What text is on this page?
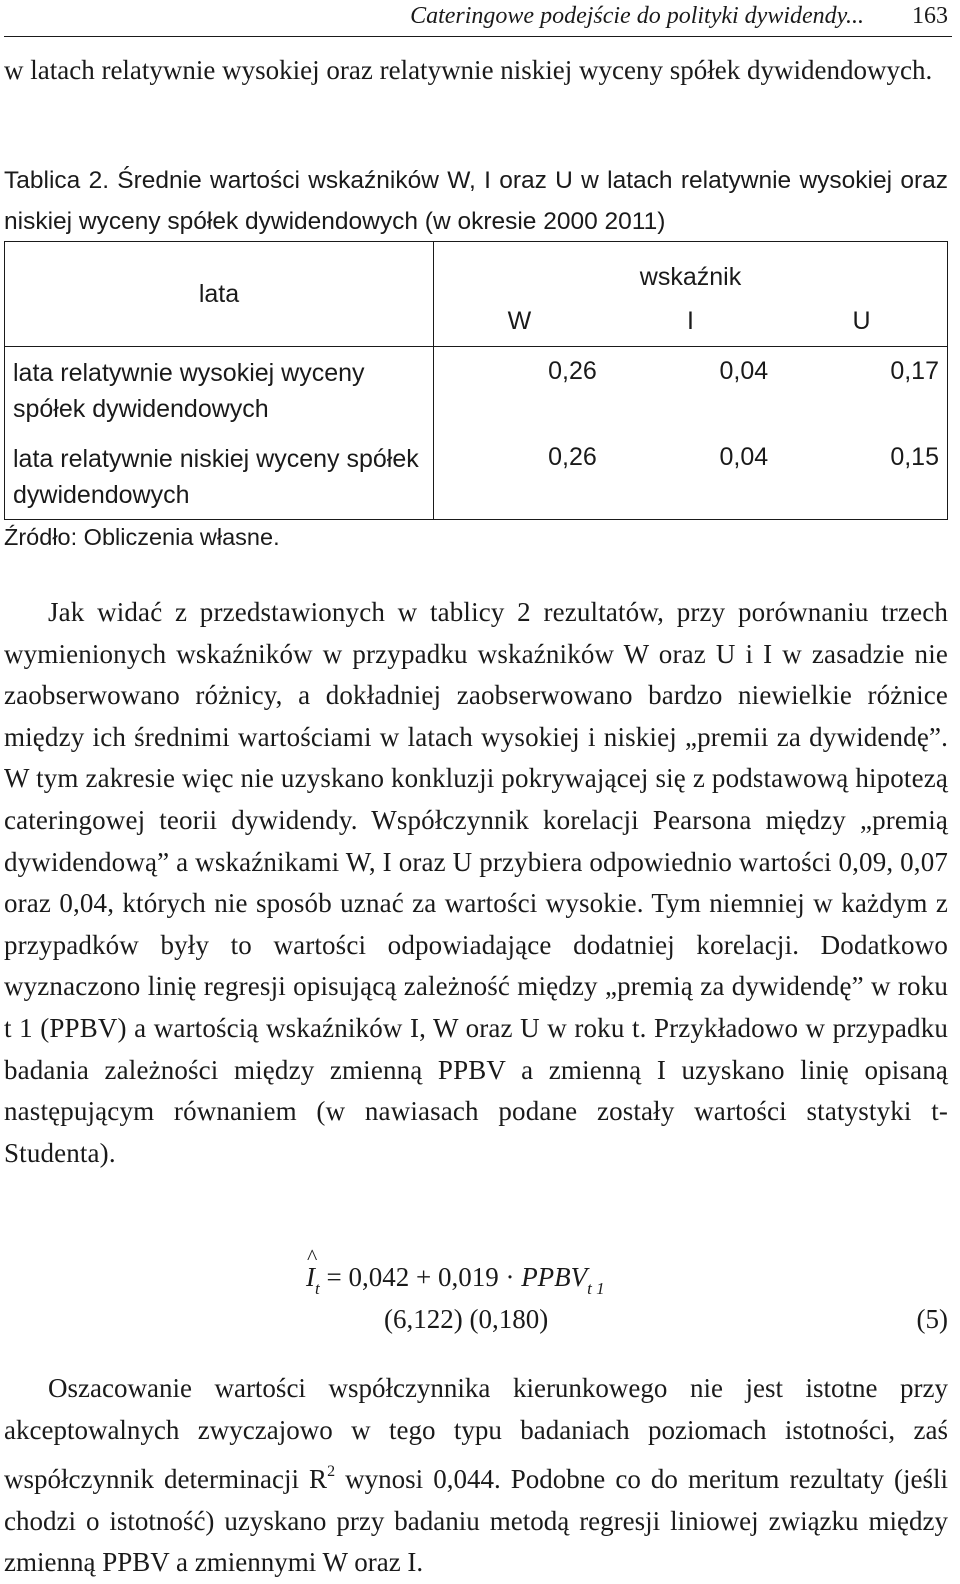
Cateringowe podejście do polityki dywidendy... 163

w latach relatywnie wysokiej oraz relatywnie niskiej wyceny spółek dywidendowych.

Tablica 2. Średnie wartości wskaźników W, I oraz U w latach relatywnie wysokiej oraz niskiej wyceny spółek dywidendowych (w okresie 2000 2011)

lata	wskaźnik		
	W	I	U
lata relatywnie wysokiej wyceny spółek dywidendowych	0,26	0,04	0,17
lata relatywnie niskiej wyceny spółek dywidendowych	0,26	0,04	0,15

Źródło: Obliczenia własne.

Jak widać z przedstawionych w tablicy 2 rezultatów, przy porównaniu trzech wymienionych wskaźników w przypadku wskaźników W oraz U i I w zasadzie nie zaobserwowano różnicy, a dokładniej zaobserwowano bardzo niewielkie różnice między ich średnimi wartościami w latach wysokiej i niskiej „premii za dywidendę”. W tym zakresie więc nie uzyskano konkluzji pokrywającej się z podstawową hipotezą cateringowej teorii dywidendy. Współczynnik korelacji Pearsona między „premią dywidendową” a wskaźnikami W, I oraz U przybiera odpowiednio wartości 0,09, 0,07 oraz 0,04, których nie sposób uznać za wartości wysokie. Tym niemniej w każdym z przypadków były to wartości odpowiadające dodatniej korelacji. Dodatkowo wyznaczono linię regresji opisującą zależność między „premią za dywidendę” w roku t 1 (PPBV) a wartością wskaźników I, W oraz U w roku t. Przykładowo w przypadku badania zależności między zmienną PPBV a zmienną I uzyskano linię opisaną następującym równaniem (w nawiasach podane zostały wartości statystyki t-Studenta).

^ $I_t = 0,042 + 0,019$ · $PPBV_{t 1}$
(6,122) (0,180)	(5)

Oszacowanie wartości współczynnika kierunkowego nie jest istotne przy akceptowalnych zwyczajowo w tego typu badaniach poziomach istotności, zaś współczynnik determinacji $R^2$ wynosi 0,044. Podobne co do meritum rezultaty (jeśli chodzi o istotność) uzyskano przy badaniu metodą regresji liniowej związku między zmienną PPBV a zmiennymi W oraz I.
